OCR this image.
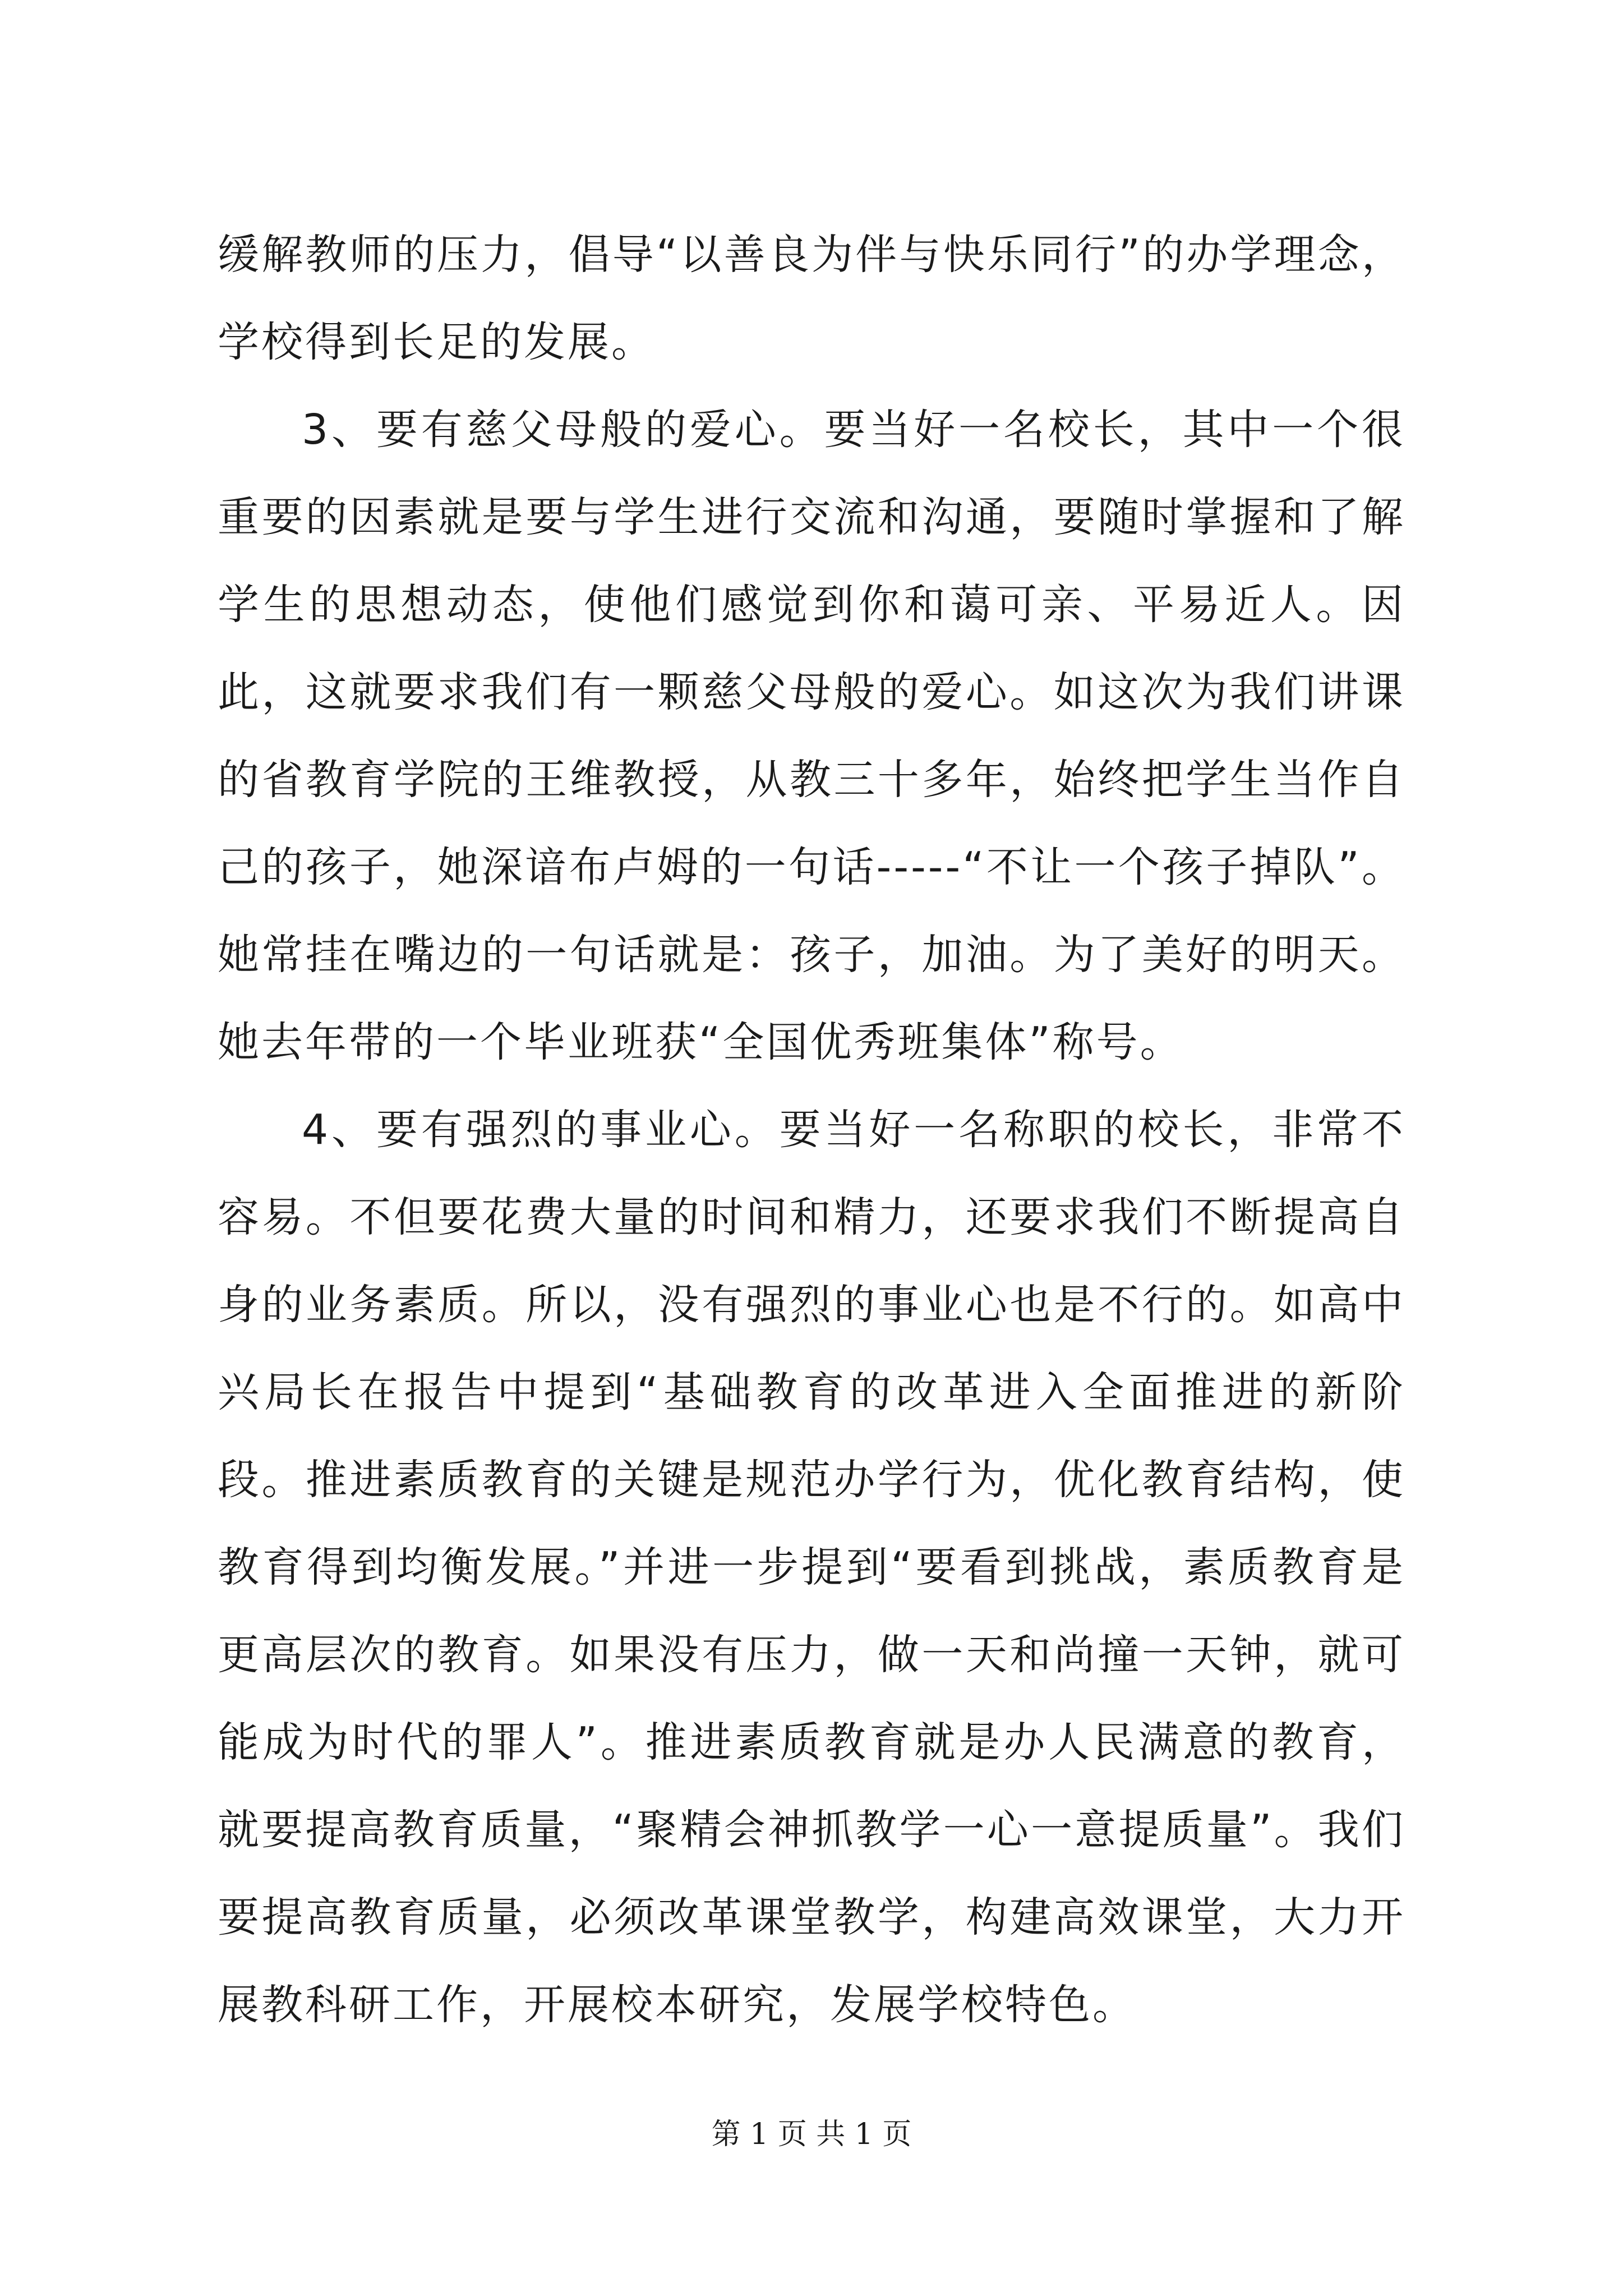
缓解教师的压力，倡导“以善良为伴与快乐同行”的办学理念，学校得到长足的发展。

3、要有慈父母般的爱心。要当好一名校长，其中一个很重要的因素就是要与学生进行交流和沟通，要随时掌握和了解学生的思想动态，使他们感觉到你和蔼可亲、平易近人。因此，这就要求我们有一颗慈父母般的爱心。如这次为我们讲课的省教育学院的王维教授，从教三十多年，始终把学生当作自己的孩子，她深谙布卢姆的一句话-----“不让一个孩子掉队”。她常挂在嘴边的一句话就是：孩子，加油。为了美好的明天。她去年带的一个毕业班获“全国优秀班集体”称号。

4、要有强烈的事业心。要当好一名称职的校长，非常不容易。不但要花费大量的时间和精力，还要求我们不断提高自身的业务素质。所以，没有强烈的事业心也是不行的。如高中兴局长在报告中提到“基础教育的改革进入全面推进的新阶段。推进素质教育的关键是规范办学行为，优化教育结构，使教育得到均衡发展。”并进一步提到“要看到挑战，素质教育是更高层次的教育。如果没有压力，做一天和尚撞一天钟，就可能成为时代的罪人”。推进素质教育就是办人民满意的教育，就要提高教育质量，“聚精会神抓教学一心一意提质量”。我们要提高教育质量，必须改革课堂教学，构建高效课堂，大力开展教科研工作，开展校本研究，发展学校特色。

第 1 页 共 1 页
